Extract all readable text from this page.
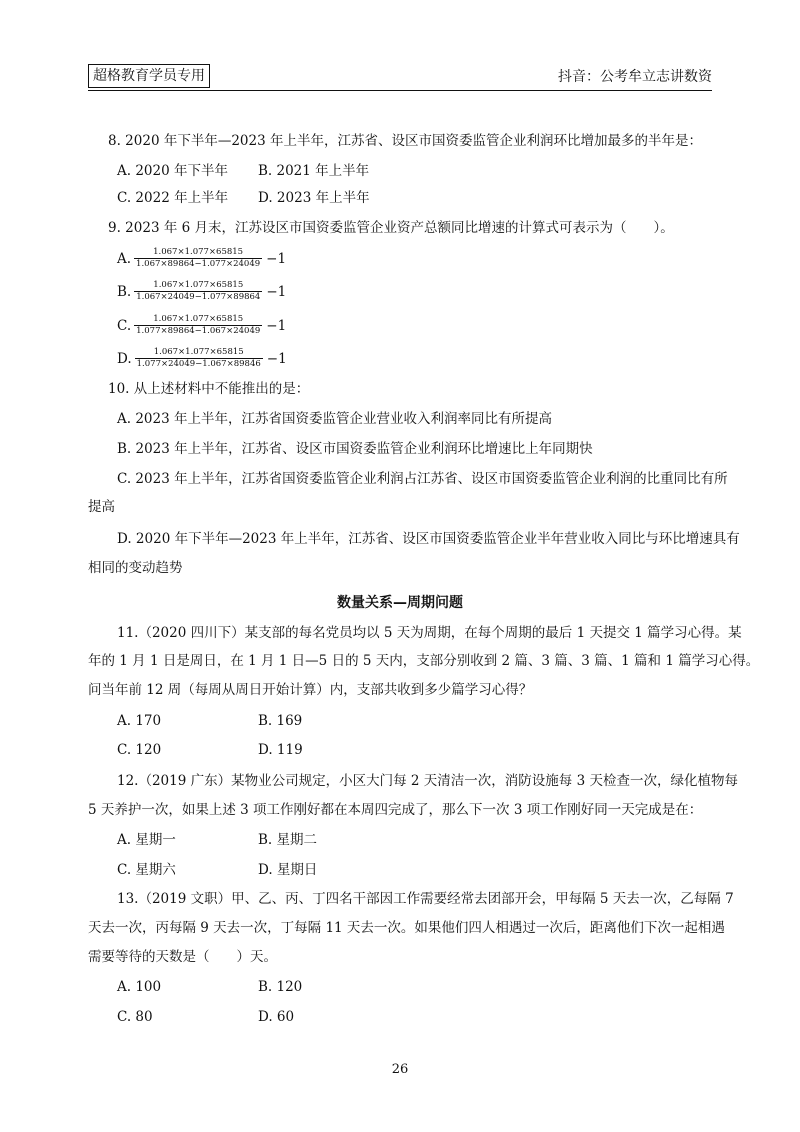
超格教育学员专用	抖音：公考牟立志讲数资
8. 2020 年下半年—2023 年上半年，江苏省、设区市国资委监管企业利润环比增加最多的半年是：
A. 2020 年下半年 B. 2021 年上半年
C. 2022 年上半年 D. 2023 年上半年
9. 2023 年 6 月末，江苏设区市国资委监管企业资产总额同比增速的计算式可表示为（　　）。
A. $\frac{1.067\times 1.077\times 65815}{1.067\times 89864-1.077\times 24049} -1$
B. $\frac{1.067\times 1.077\times 65815}{1.067\times 24049-1.077\times 89864} -1$
C. $\frac{1.067\times 1.077\times 65815}{1.077\times 89864-1.067\times 24049} -1$
D. $\frac{1.067\times 1.077\times 65815}{1.077\times 24049-1.067\times 89846} -1$
10. 从上述材料中不能推出的是：
A. 2023 年上半年，江苏省国资委监管企业营业收入利润率同比有所提高
B. 2023 年上半年，江苏省、设区市国资委监管企业利润环比增速比上年同期快
C. 2023 年上半年，江苏省国资委监管企业利润占江苏省、设区市国资委监管企业利润的比重同比有所
提高
D. 2020 年下半年—2023 年上半年，江苏省、设区市国资委监管企业半年营业收入同比与环比增速具有
相同的变动趋势
数量关系—周期问题
11.（2020 四川下）某支部的每名党员均以 5 天为周期，在每个周期的最后 1 天提交 1 篇学习心得。某
年的 1 月 1 日是周日，在 1 月 1 日—5 日的 5 天内，支部分别收到 2 篇、3 篇、3 篇、1 篇和 1 篇学习心得。
问当年前 12 周（每周从周日开始计算）内，支部共收到多少篇学习心得？
A. 170	B. 169
C. 120	D. 119
12.（2019 广东）某物业公司规定，小区大门每 2 天清洁一次，消防设施每 3 天检查一次，绿化植物每
5 天养护一次，如果上述 3 项工作刚好都在本周四完成了，那么下一次 3 项工作刚好同一天完成是在：
A. 星期一	B. 星期二
C. 星期六	D. 星期日
13.（2019 文职）甲、乙、丙、丁四名干部因工作需要经常去团部开会，甲每隔 5 天去一次，乙每隔 7
天去一次，丙每隔 9 天去一次，丁每隔 11 天去一次。如果他们四人相遇过一次后，距离他们下次一起相遇
需要等待的天数是（　　）天。
A. 100	B. 120
C. 80	D. 60
26
